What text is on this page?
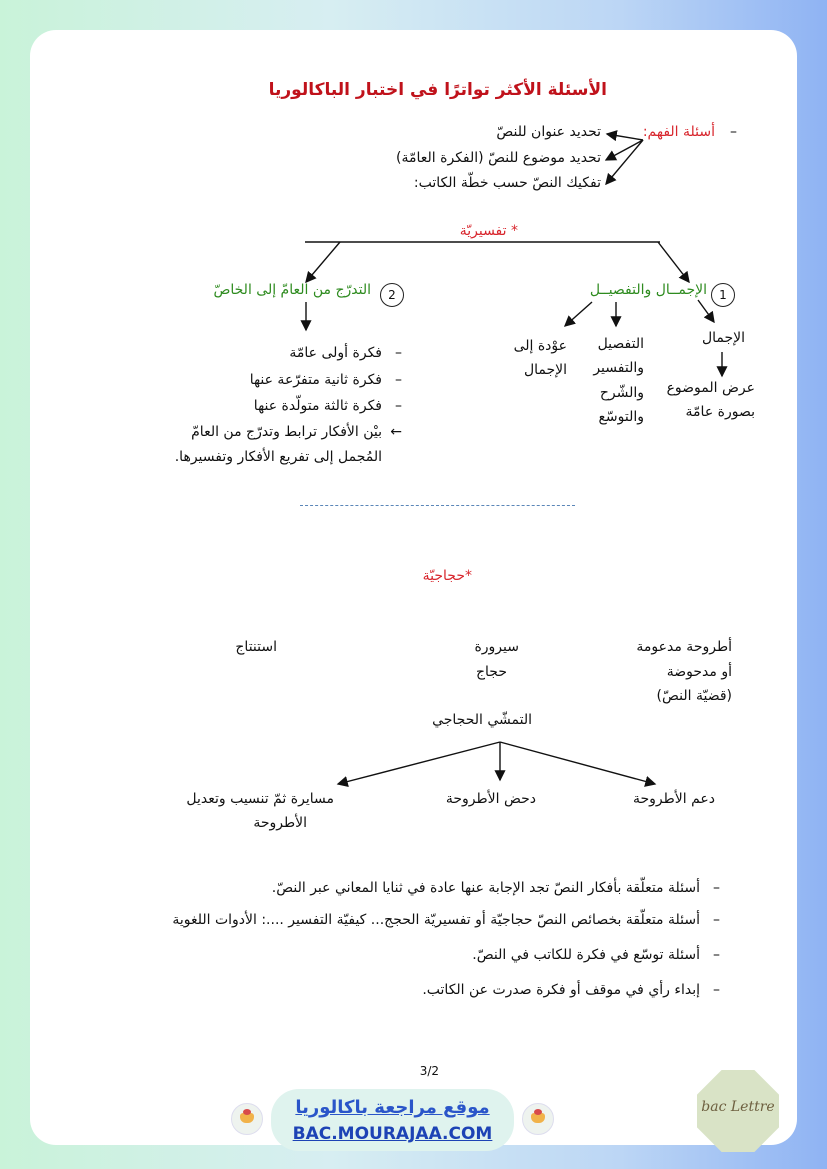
الأسئلة الأكثر تواترًا في اختبار الباكالوريا
–
أسئلة الفهم:
تحديد عنوان للنصّ
تحديد موضوع للنصّ (الفكرة العامّة)
تفكيك النصّ حسب خطّة الكاتب:
* تفسيريّة
1
الإجمــال والتفصيــل
2
التدرّج من العامّ إلى الخاصّ
الإجمال
عرض الموضوع
بصورة عامّة
التفصيل
والتفسير
والشّرح
والتوسّع
عوْدة إلى
الإجمال
–
فكرة أولى عامّة
–
فكرة ثانية متفرّعة عنها
–
فكرة ثالثة متولّدة عنها
←
بيْن الأفكار ترابط وتدرّج من العامّ
المُجمل إلى تفريع الأفكار وتفسيرها.
*حجاجيّة
أطروحة مدعومة
أو مدحوضة
(قضيّة النصّ)
سيرورة
حجاج
استنتاج
التمشّي الحجاجي
دعم الأطروحة
دحض الأطروحة
مسايرة ثمّ تنسيب وتعديل
الأطروحة
–
أسئلة متعلّقة بأفكار النصّ تجد الإجابة عنها عادة في ثنايا المعاني عبر النصّ.
–
أسئلة متعلّقة بخصائص النصّ حجاجيّة أو تفسيريّة الحجج... كيفيّة التفسير ....: الأدوات اللغوية
–
أسئلة توسّع في فكرة للكاتب في النصّ.
–
إبداء رأي في موقف أو فكرة صدرت عن الكاتب.
3/2
موقع مراجعة باكالوريا
BAC.MOURAJAA.COM
bac Lettre
